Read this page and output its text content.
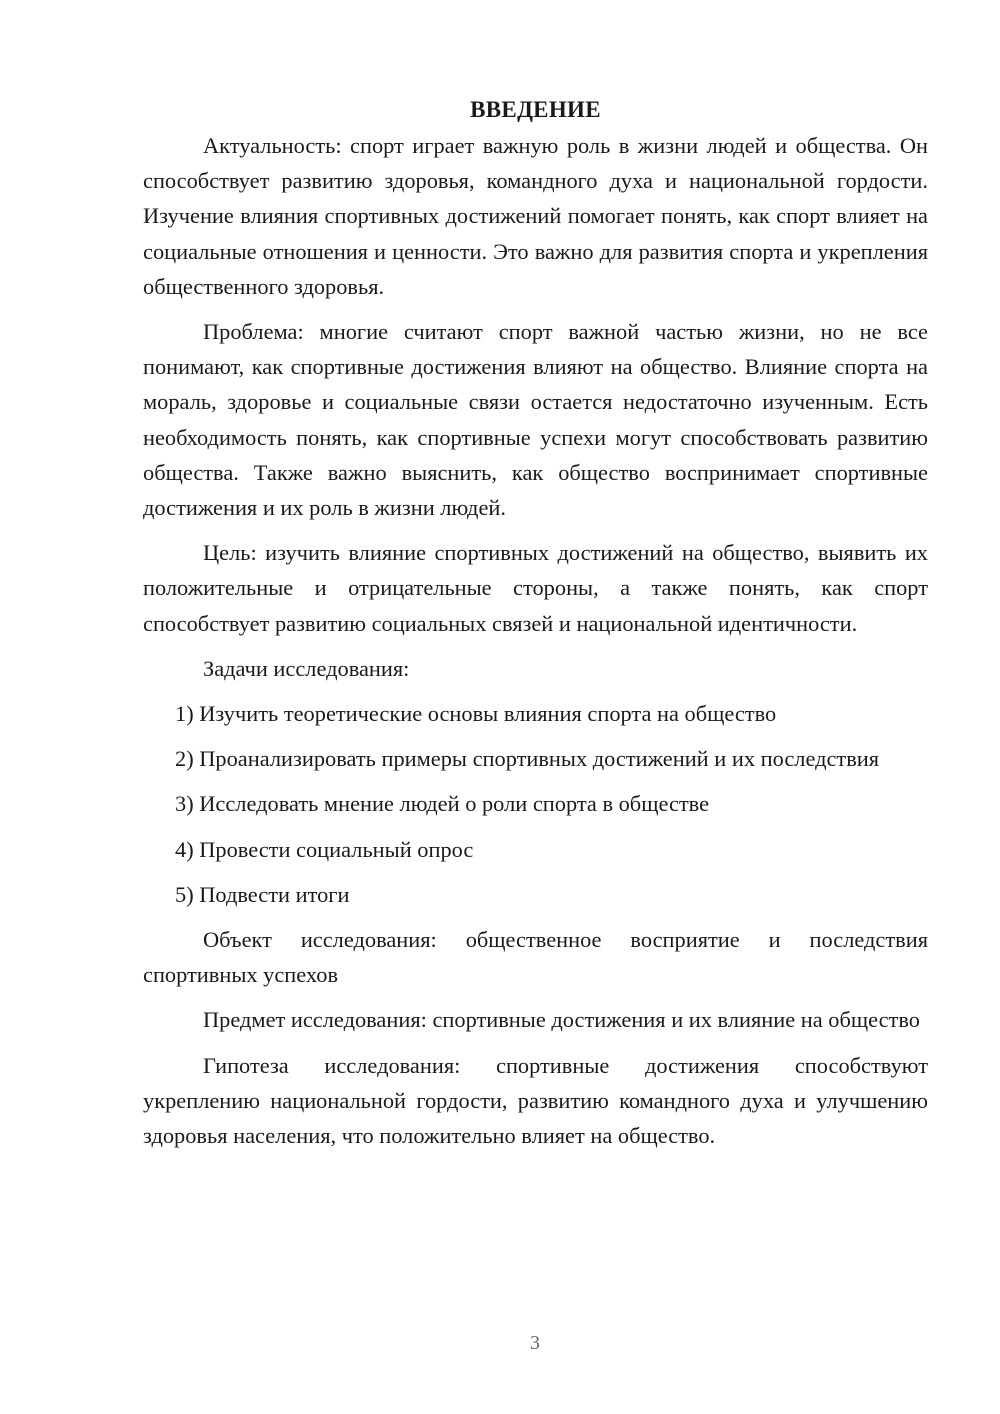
ВВЕДЕНИЕ

Актуальность: спорт играет важную роль в жизни людей и общества. Он способствует развитию здоровья, командного духа и национальной гордости. Изучение влияния спортивных достижений помогает понять, как спорт влияет на социальные отношения и ценности. Это важно для развития спорта и укрепления общественного здоровья.

Проблема: многие считают спорт важной частью жизни, но не все понимают, как спортивные достижения влияют на общество. Влияние спорта на мораль, здоровье и социальные связи остается недостаточно изученным. Есть необходимость понять, как спортивные успехи могут способствовать развитию общества. Также важно выяснить, как общество воспринимает спортивные достижения и их роль в жизни людей.

Цель: изучить влияние спортивных достижений на общество, выявить их положительные и отрицательные стороны, а также понять, как спорт способствует развитию социальных связей и национальной идентичности.

Задачи исследования:

1) Изучить теоретические основы влияния спорта на общество

2) Проанализировать примеры спортивных достижений и их последствия

3) Исследовать мнение людей о роли спорта в обществе

4) Провести социальный опрос

5) Подвести итоги

Объект исследования: общественное восприятие и последствия спортивных успехов

Предмет исследования: спортивные достижения и их влияние на общество

Гипотеза исследования: спортивные достижения способствуют укреплению национальной гордости, развитию командного духа и улучшению здоровья населения, что положительно влияет на общество.

3
